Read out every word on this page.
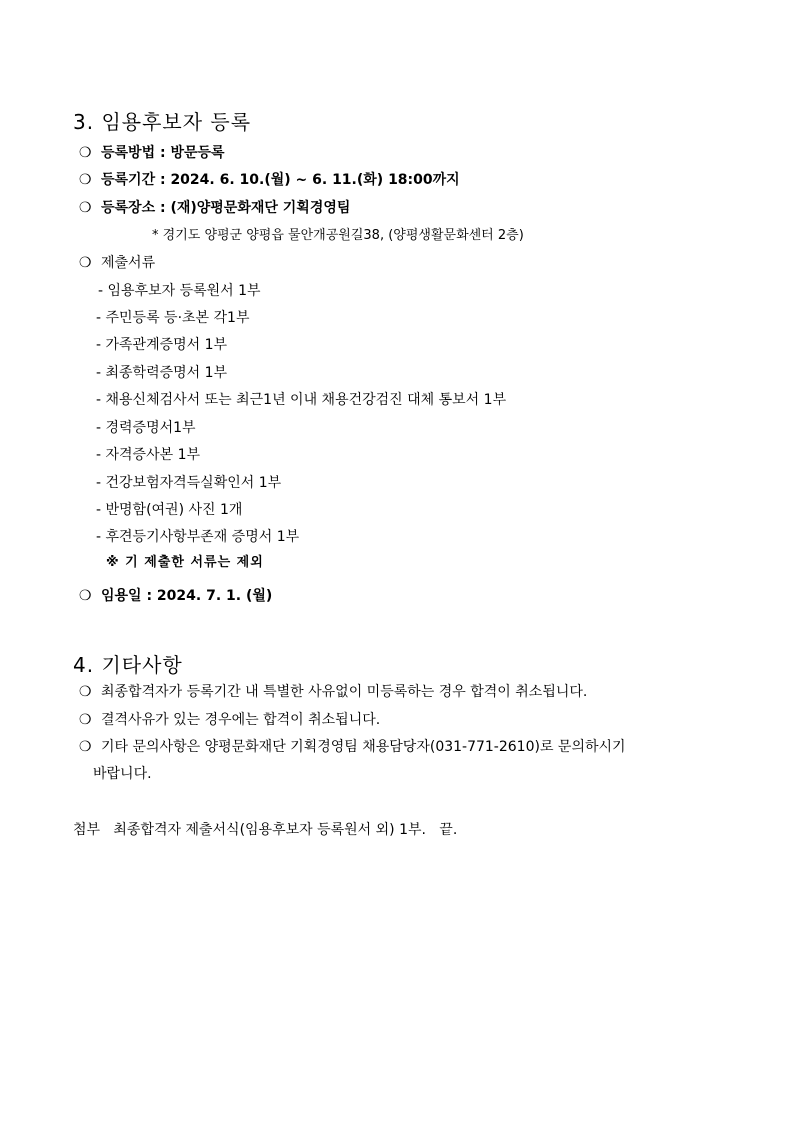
3. 임용후보자 등록
❍ 등록방법 : 방문등록
❍ 등록기간 : 2024. 6. 10.(월) ~ 6. 11.(화) 18:00까지
❍ 등록장소 : (재)양평문화재단 기획경영팀
* 경기도 양평군 양평읍 물안개공원길38, (양평생활문화센터 2층)
❍ 제출서류
- 임용후보자 등록원서 1부
- 주민등록 등·초본 각1부
- 가족관계증명서 1부
- 최종학력증명서 1부
- 채용신체검사서 또는 최근1년 이내 채용건강검진 대체 통보서 1부
- 경력증명서1부
- 자격증사본 1부
- 건강보험자격득실확인서 1부
- 반명함(여권) 사진 1개
- 후견등기사항부존재 증명서 1부
※ 기 제출한 서류는 제외
❍ 임용일 : 2024. 7. 1. (월)
4. 기타사항
❍ 최종합격자가 등록기간 내 특별한 사유없이 미등록하는 경우 합격이 취소됩니다.
❍ 결격사유가 있는 경우에는 합격이 취소됩니다.
❍ 기타 문의사항은 양평문화재단 기획경영팀 채용담당자(031-771-2610)로 문의하시기
바랍니다.
첨부   최종합격자 제출서식(임용후보자 등록원서 외) 1부.   끝.
